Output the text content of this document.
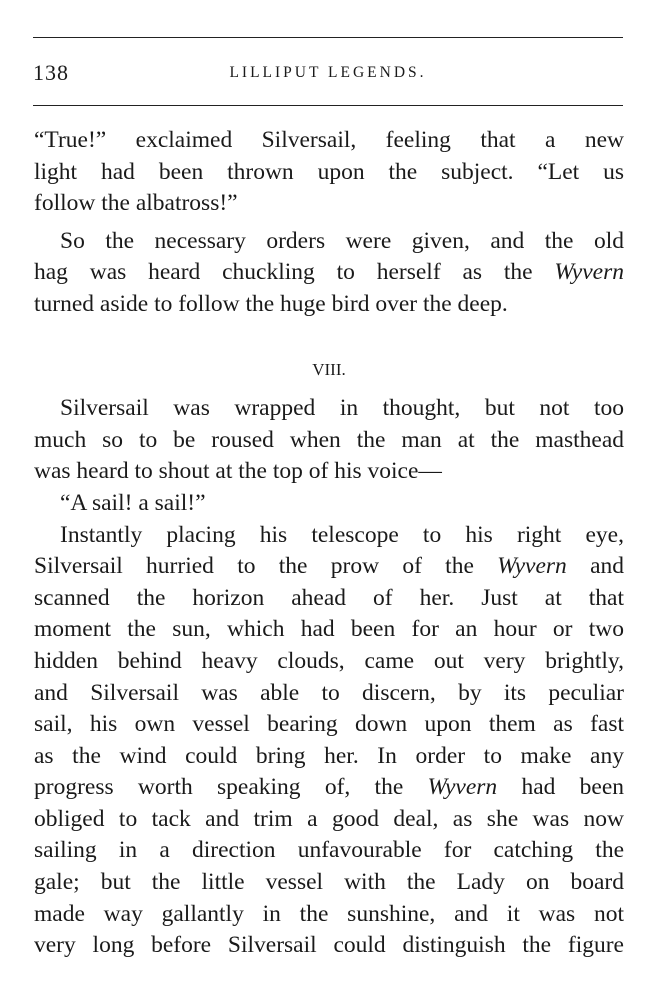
138	LILLIPUT LEGENDS.
“True!” exclaimed Silversail, feeling that a new
light had been thrown upon the subject. “Let us
follow the albatross!”
So the necessary orders were given, and the old
hag was heard chuckling to herself as the Wyvern
turned aside to follow the huge bird over the deep.
VIII.
Silversail was wrapped in thought, but not too
much so to be roused when the man at the masthead
was heard to shout at the top of his voice—
“A sail! a sail!”
Instantly placing his telescope to his right eye,
Silversail hurried to the prow of the Wyvern and
scanned the horizon ahead of her. Just at that
moment the sun, which had been for an hour or two
hidden behind heavy clouds, came out very brightly,
and Silversail was able to discern, by its peculiar
sail, his own vessel bearing down upon them as fast
as the wind could bring her. In order to make any
progress worth speaking of, the Wyvern had been
obliged to tack and trim a good deal, as she was now
sailing in a direction unfavourable for catching the
gale; but the little vessel with the Lady on board
made way gallantly in the sunshine, and it was not
very long before Silversail could distinguish the figure
